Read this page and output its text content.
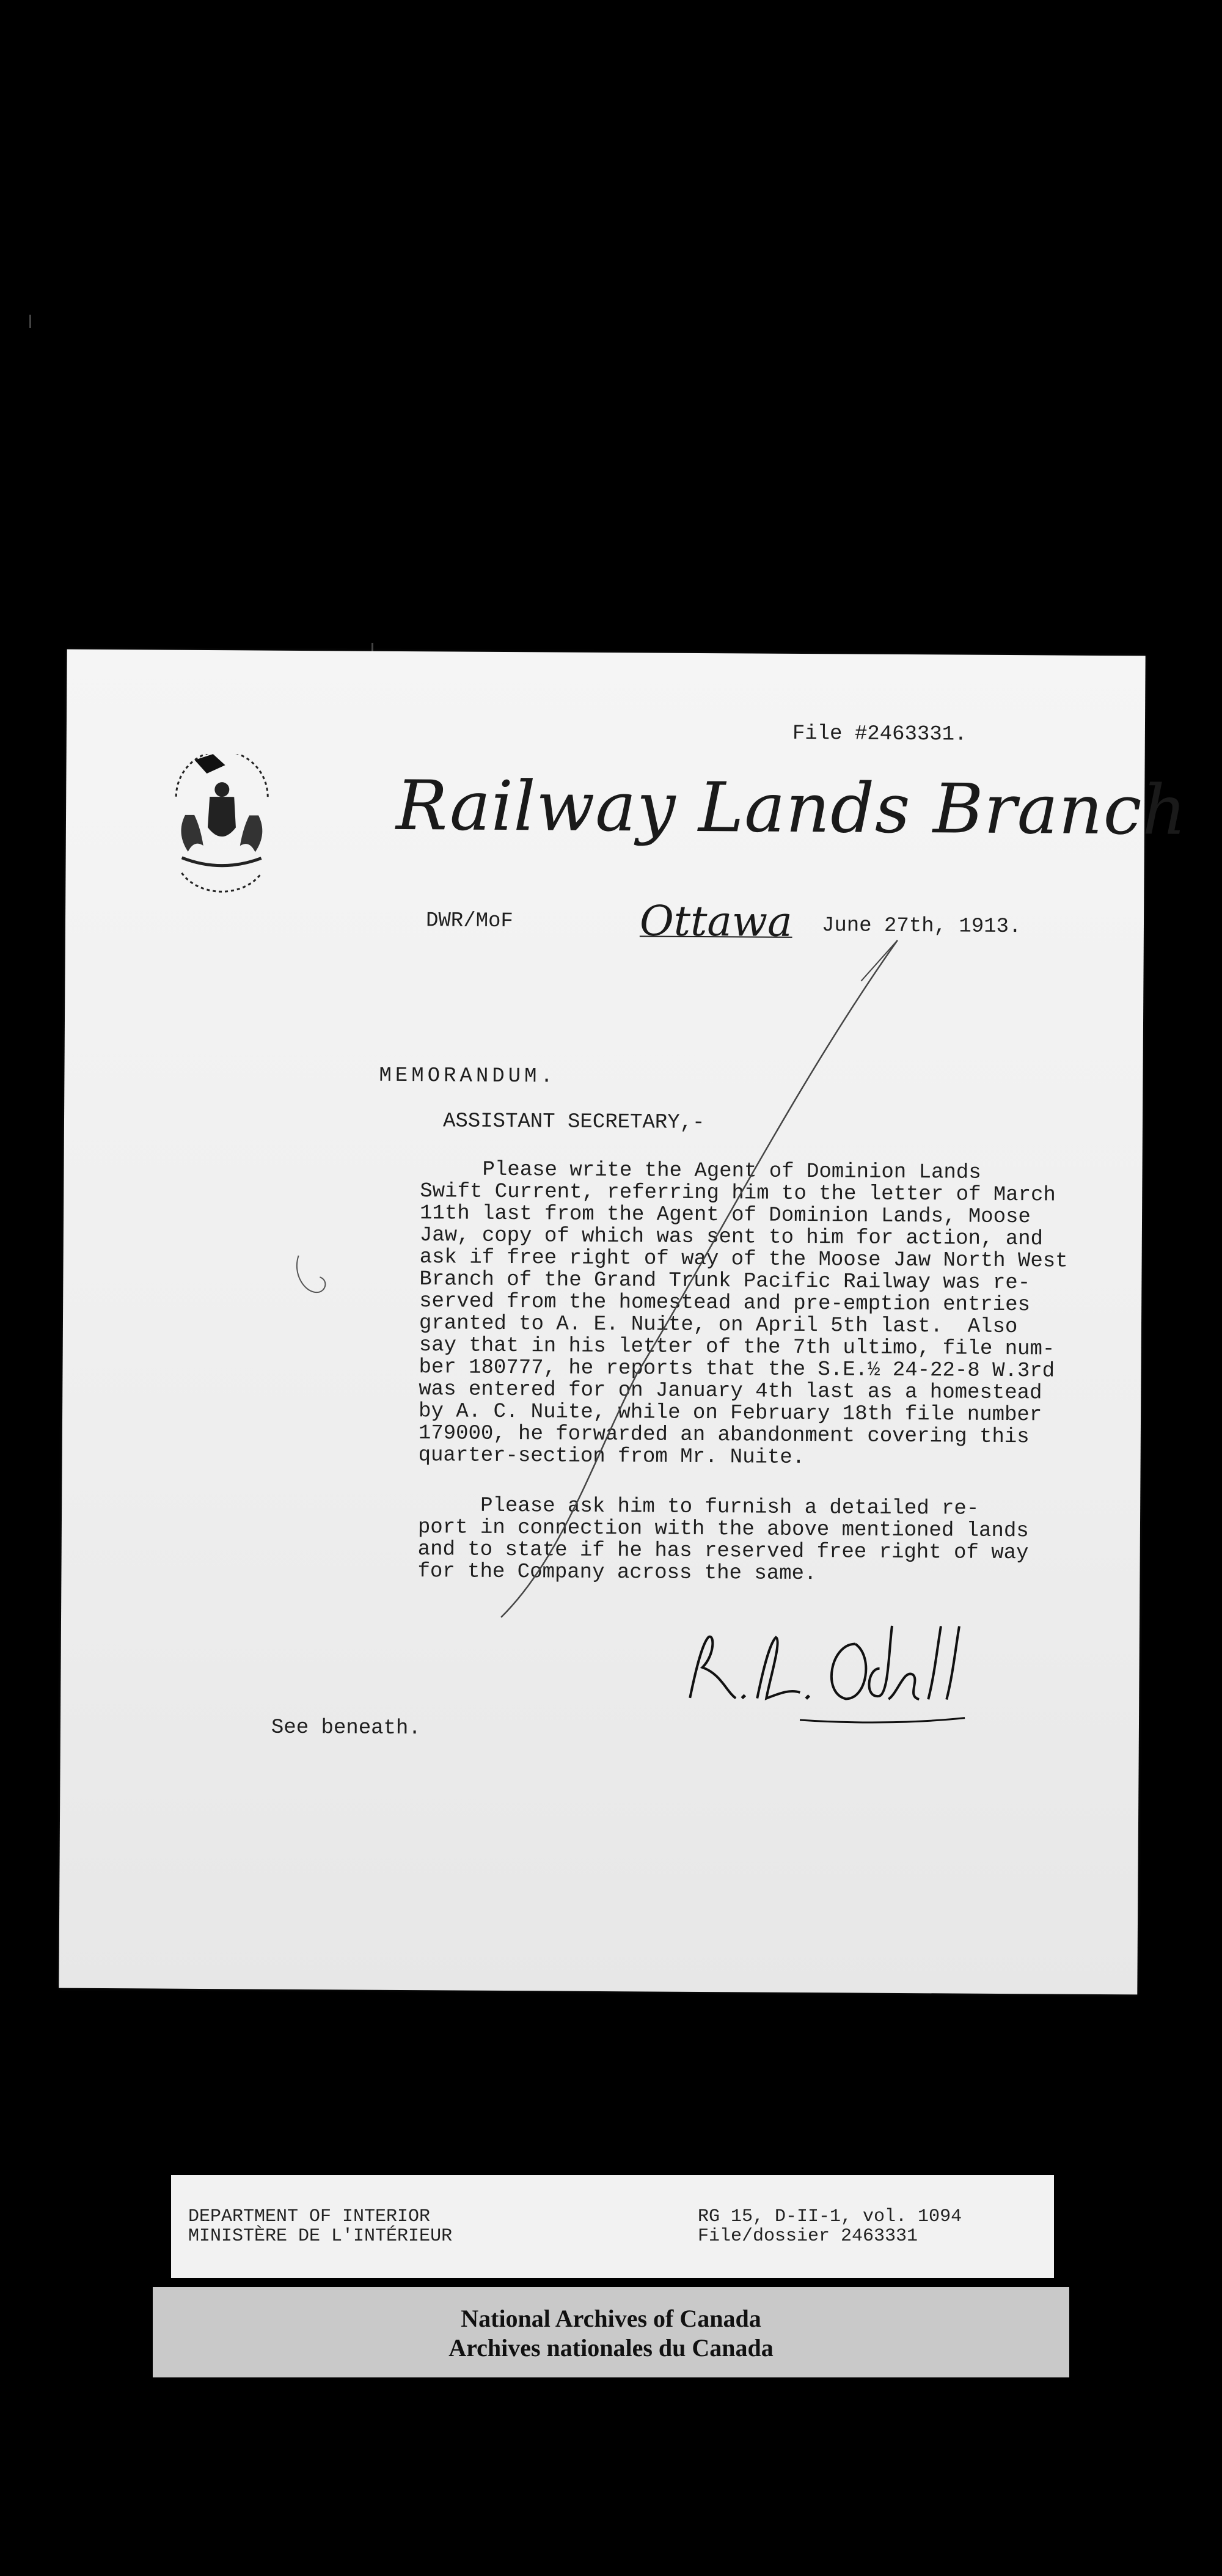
File #2463331.
Railway Lands Branch
DWR/MoF	Ottawa June 27th, 1913.
MEMORANDUM.
ASSISTANT SECRETARY,-
Please write the Agent of Dominion Lands
Swift Current, referring him to the letter of March
11th last from the Agent of Dominion Lands, Moose
Jaw, copy of which was sent to him for action, and
ask if free right of way of the Moose Jaw North West
Branch of the Grand Trunk Pacific Railway was re-
served from the homestead and pre-emption entries
granted to A. E. Nuite, on April 5th last.  Also
say that in his letter of the 7th ultimo, file num-
ber 180777, he reports that the S.E.½ 24-22-8 W.3rd
was entered for on January 4th last as a homestead
by A. C. Nuite, while on February 18th file number
179000, he forwarded an abandonment covering this
quarter-section from Mr. Nuite.
Please ask him to furnish a detailed re-
port in connection with the above mentioned lands
and to state if he has reserved free right of way
for the Company across the same.
See beneath.
DEPARTMENT OF INTERIOR
MINISTÈRE DE L'INTÉRIEUR
RG 15, D-II-1, vol. 1094
File/dossier 2463331
National Archives of Canada
Archives nationales du Canada
